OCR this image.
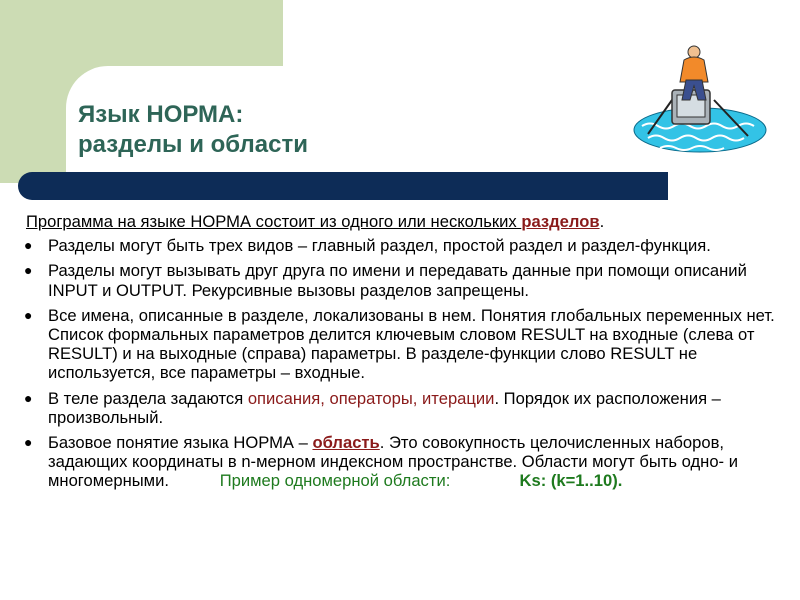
Язык НОРМА:
разделы и области

Программа на языке НОРМА состоит из одного или нескольких разделов.

● Разделы могут быть трех видов – главный раздел, простой раздел и раздел-функция.
● Разделы могут вызывать друг друга по имени и передавать данные при помощи описаний INPUT и OUTPUT. Рекурсивные вызовы разделов запрещены.
● Все имена, описанные в разделе, локализованы в нем. Понятия глобальных переменных нет. Список формальных параметров делится ключевым словом RESULT на входные (слева от RESULT) и на выходные (справа) параметры. В разделе-функции слово RESULT не используется, все параметры – входные.
● В теле раздела задаются описания, операторы, итерации. Порядок их расположения – произвольный.
● Базовое понятие языка НОРМА – область. Это совокупность целочисленных наборов, задающих координаты в n-мерном индексном пространстве. Области могут быть одно- и многомерными.	Пример одномерной области:	Ks: (k=1..10).
